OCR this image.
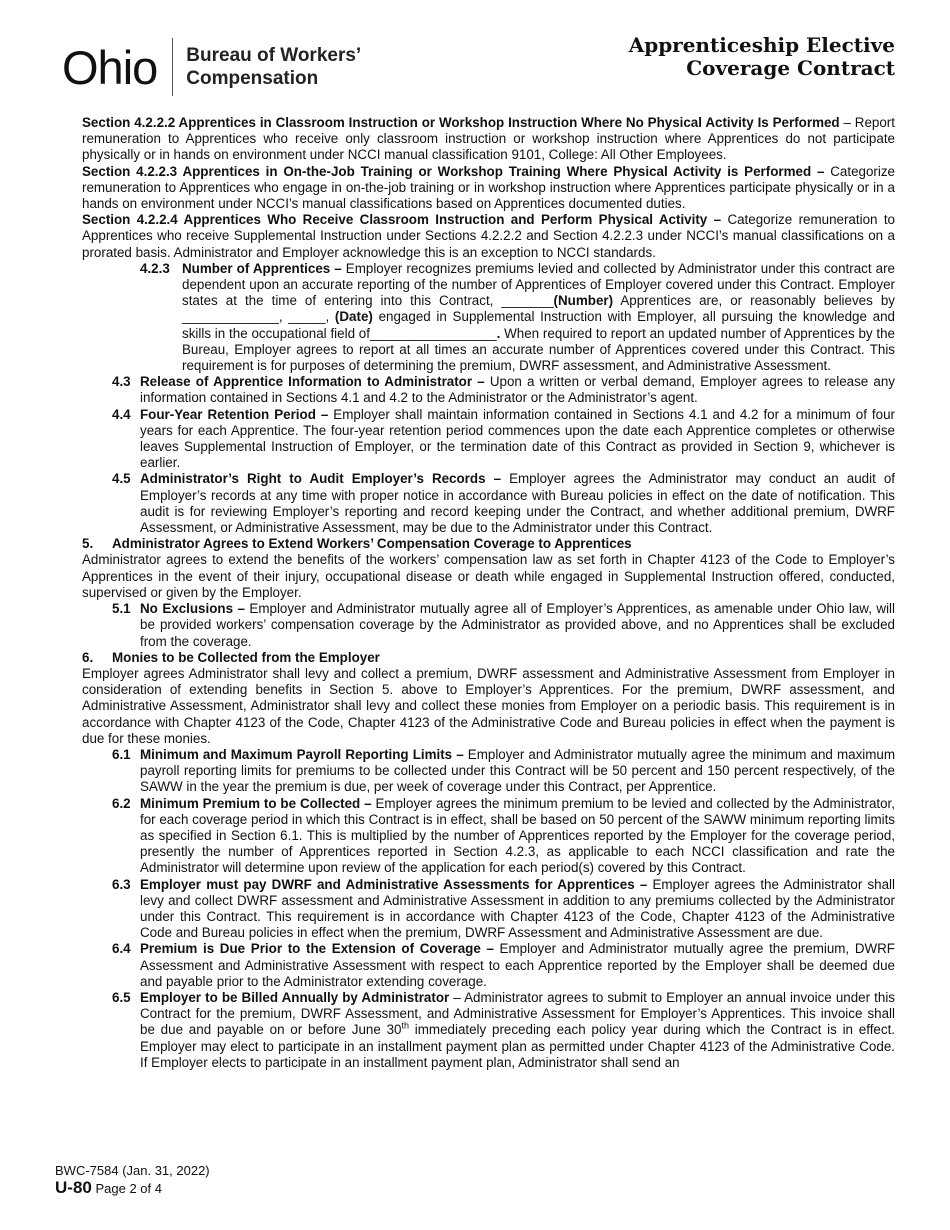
Ohio Bureau of Workers’
Compensation
Apprenticeship Elective
Coverage Contract

Section 4.2.2.2 Apprentices in Classroom Instruction or Workshop Instruction Where No Physical Activity Is Performed – Report remuneration to Apprentices who receive only classroom instruction or workshop instruction where Apprentices do not participate physically or in hands on environment under NCCI manual classification 9101, College: All Other Employees.

Section 4.2.2.3 Apprentices in On-the-Job Training or Workshop Training Where Physical Activity is Performed – Categorize remuneration to Apprentices who engage in on-the-job training or in workshop instruction where Apprentices participate physically or in a hands on environment under NCCI’s manual classifications based on Apprentices documented duties.

Section 4.2.2.4 Apprentices Who Receive Classroom Instruction and Perform Physical Activity – Categorize remuneration to Apprentices who receive Supplemental Instruction under Sections 4.2.2.2 and Section 4.2.2.3 under NCCI’s manual classifications on a prorated basis. Administrator and Employer acknowledge this is an exception to NCCI standards.

4.2.3 Number of Apprentices – Employer recognizes premiums levied and collected by Administrator under this contract are dependent upon an accurate reporting of the number of Apprentices of Employer covered under this Contract. Employer states at the time of entering into this Contract, _______(Number) Apprentices are, or reasonably believes by _____________, _____, (Date) engaged in Supplemental Instruction with Employer, all pursuing the knowledge and skills in the occupational field of_________________. When required to report an updated number of Apprentices by the Bureau, Employer agrees to report at all times an accurate number of Apprentices covered under this Contract. This requirement is for purposes of determining the premium, DWRF assessment, and Administrative Assessment.

4.3 Release of Apprentice Information to Administrator – Upon a written or verbal demand, Employer agrees to release any information contained in Sections 4.1 and 4.2 to the Administrator or the Administrator’s agent.

4.4 Four-Year Retention Period – Employer shall maintain information contained in Sections 4.1 and 4.2 for a minimum of four years for each Apprentice. The four-year retention period commences upon the date each Apprentice completes or otherwise leaves Supplemental Instruction of Employer, or the termination date of this Contract as provided in Section 9, whichever is earlier.

4.5 Administrator’s Right to Audit Employer’s Records – Employer agrees the Administrator may conduct an audit of Employer’s records at any time with proper notice in accordance with Bureau policies in effect on the date of notification. This audit is for reviewing Employer’s reporting and record keeping under the Contract, and whether additional premium, DWRF Assessment, or Administrative Assessment, may be due to the Administrator under this Contract.

5.	Administrator Agrees to Extend Workers’ Compensation Coverage to Apprentices

Administrator agrees to extend the benefits of the workers’ compensation law as set forth in Chapter 4123 of the Code to Employer’s Apprentices in the event of their injury, occupational disease or death while engaged in Supplemental Instruction offered, conducted, supervised or given by the Employer.

5.1 No Exclusions – Employer and Administrator mutually agree all of Employer’s Apprentices, as amenable under Ohio law, will be provided workers’ compensation coverage by the Administrator as provided above, and no Apprentices shall be excluded from the coverage.

6.	Monies to be Collected from the Employer

Employer agrees Administrator shall levy and collect a premium, DWRF assessment and Administrative Assessment from Employer in consideration of extending benefits in Section 5. above to Employer’s Apprentices. For the premium, DWRF assessment, and Administrative Assessment, Administrator shall levy and collect these monies from Employer on a periodic basis. This requirement is in accordance with Chapter 4123 of the Code, Chapter 4123 of the Administrative Code and Bureau policies in effect when the payment is due for these monies.

6.1 Minimum and Maximum Payroll Reporting Limits – Employer and Administrator mutually agree the minimum and maximum payroll reporting limits for premiums to be collected under this Contract will be 50 percent and 150 percent respectively, of the SAWW in the year the premium is due, per week of coverage under this Contract, per Apprentice.

6.2 Minimum Premium to be Collected – Employer agrees the minimum premium to be levied and collected by the Administrator, for each coverage period in which this Contract is in effect, shall be based on 50 percent of the SAWW minimum reporting limits as specified in Section 6.1. This is multiplied by the number of Apprentices reported by the Employer for the coverage period, presently the number of Apprentices reported in Section 4.2.3, as applicable to each NCCI classification and rate the Administrator will determine upon review of the application for each period(s) covered by this Contract.

6.3 Employer must pay DWRF and Administrative Assessments for Apprentices – Employer agrees the Administrator shall levy and collect DWRF assessment and Administrative Assessment in addition to any premiums collected by the Administrator under this Contract. This requirement is in accordance with Chapter 4123 of the Code, Chapter 4123 of the Administrative Code and Bureau policies in effect when the premium, DWRF Assessment and Administrative Assessment are due.

6.4 Premium is Due Prior to the Extension of Coverage – Employer and Administrator mutually agree the premium, DWRF Assessment and Administrative Assessment with respect to each Apprentice reported by the Employer shall be deemed due and payable prior to the Administrator extending coverage.

6.5 Employer to be Billed Annually by Administrator – Administrator agrees to submit to Employer an annual invoice under this Contract for the premium, DWRF Assessment, and Administrative Assessment for Employer’s Apprentices. This invoice shall be due and payable on or before June 30th immediately preceding each policy year during which the Contract is in effect. Employer may elect to participate in an installment payment plan as permitted under Chapter 4123 of the Administrative Code. If Employer elects to participate in an installment payment plan, Administrator shall send an

BWC-7584 (Jan. 31, 2022)
U-80 Page 2 of 4
